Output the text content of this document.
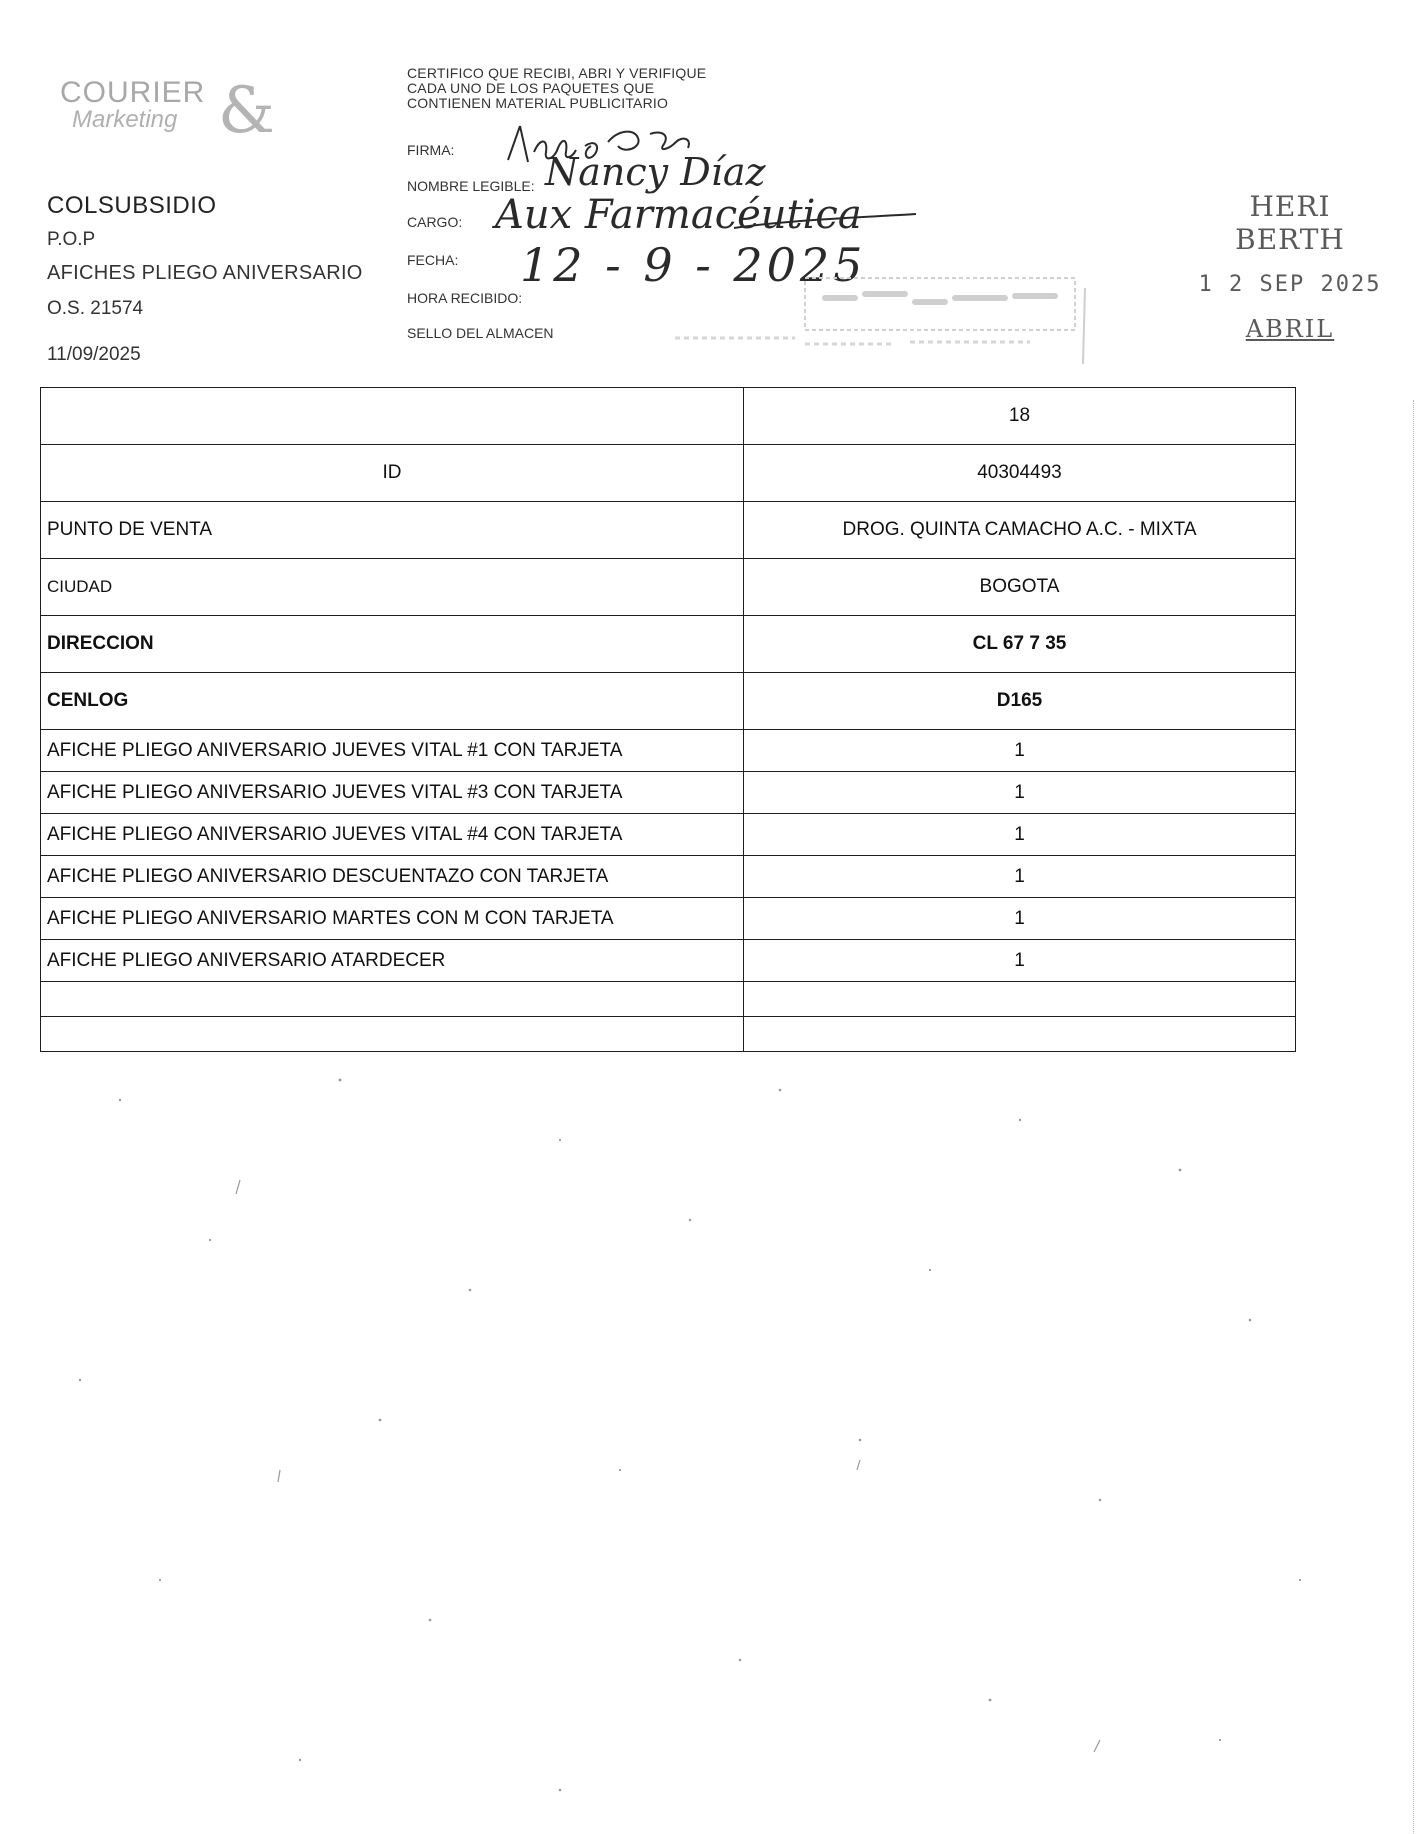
COURIER
Marketing &
COLSUBSIDIO
P.O.P
AFICHES PLIEGO ANIVERSARIO
O.S. 21574
11/09/2025
CERTIFICO QUE RECIBI, ABRI Y VERIFIQUE
CADA UNO DE LOS PAQUETES QUE
CONTIENEN MATERIAL PUBLICITARIO
FIRMA:
NOMBRE LEGIBLE:
CARGO:
FECHA:
HORA RECIBIDO:
SELLO DEL ALMACEN
Nancy Díaz
Aux Farmacéutica
12 - 9 - 2025
HERI BERTH
1 2 SEP 2025
ABRIL
	18
ID	40304493
PUNTO DE VENTA	DROG. QUINTA CAMACHO A.C. - MIXTA
CIUDAD	BOGOTA
DIRECCION	CL 67 7 35
CENLOG	D165
AFICHE PLIEGO ANIVERSARIO JUEVES VITAL #1 CON TARJETA	1
AFICHE PLIEGO ANIVERSARIO JUEVES VITAL #3 CON TARJETA	1
AFICHE PLIEGO ANIVERSARIO JUEVES VITAL #4 CON TARJETA	1
AFICHE PLIEGO ANIVERSARIO DESCUENTAZO CON TARJETA	1
AFICHE PLIEGO ANIVERSARIO MARTES CON M CON TARJETA	1
AFICHE PLIEGO ANIVERSARIO ATARDECER	1
